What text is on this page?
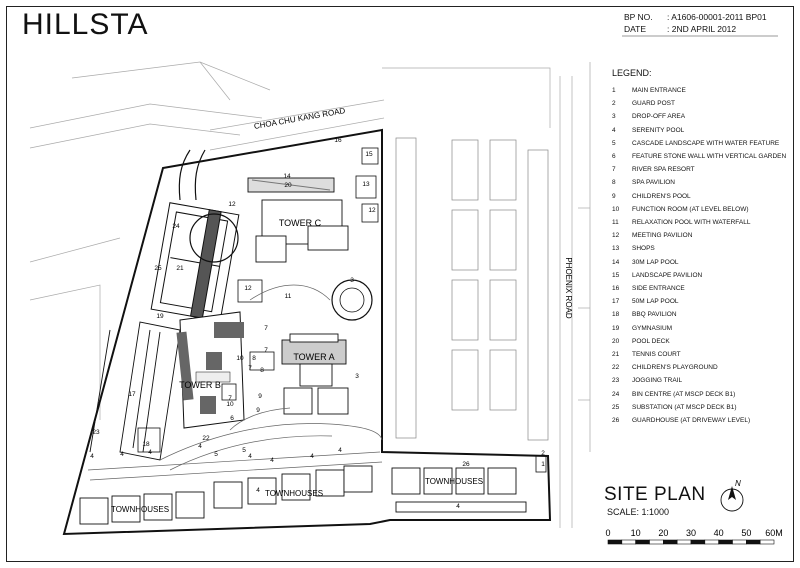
HILLSTA	BP NO. : A1606-00001-2011 BP01
DATE : 2ND APRIL 2012
CHOA CHU KANG ROAD
PHOENIX ROAD
TOWER A
TOWER B
TOWER C
TOWNHOUSES
TOWNHOUSES
TOWNHOUSES
1
2
3
3
4	4	4
4
4
4
4
4
4
4
5
5
6
7
7
7
7
8
8
9
9
10
10
11
12
12
12
13
14
15
16
17
18
19
20
21
22
23
24
25
26
N
0 10 20 30 40 50 60M
LEGEND:
1	MAIN ENTRANCE
2	GUARD POST
3	DROP-OFF AREA
4	SERENITY POOL
5	CASCADE LANDSCAPE WITH WATER FEATURE
6	FEATURE STONE WALL WITH VERTICAL GARDEN
7	RIVER SPA RESORT
8	SPA PAVILION
9	CHILDREN'S POOL
10 FUNCTION ROOM (AT LEVEL BELOW)
11 RELAXATION POOL WITH WATERFALL
12 MEETING PAVILION
13 SHOPS
14 30M LAP POOL
15 LANDSCAPE PAVILION
16 SIDE ENTRANCE
17 50M LAP POOL
18 BBQ PAVILION
19 GYMNASIUM
20 POOL DECK
21 TENNIS COURT
22 CHILDREN'S PLAYGROUND
23 JOGGING TRAIL
24 BIN CENTRE (AT MSCP DECK B1)
25 SUBSTATION (AT MSCP DECK B1)
26 GUARDHOUSE (AT DRIVEWAY LEVEL)
SITE PLAN
SCALE: 1:1000
